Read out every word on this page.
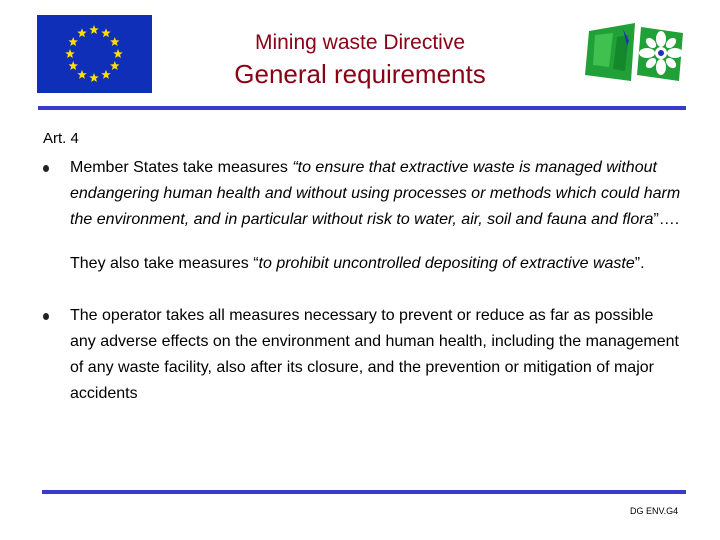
Mining waste Directive
General requirements
Art. 4

Member States take measures “to ensure that extractive waste is managed without endangering human health and without using processes or methods which could harm the environment, and in particular without risk to water, air, soil and fauna and flora”….

They also take measures “to prohibit uncontrolled depositing of extractive waste”.

The operator takes all measures necessary to prevent or reduce as far as possible any adverse effects on the environment and human health, including the management of any waste facility, also after its closure, and the prevention or mitigation of major accidents

DG ENV.G4
